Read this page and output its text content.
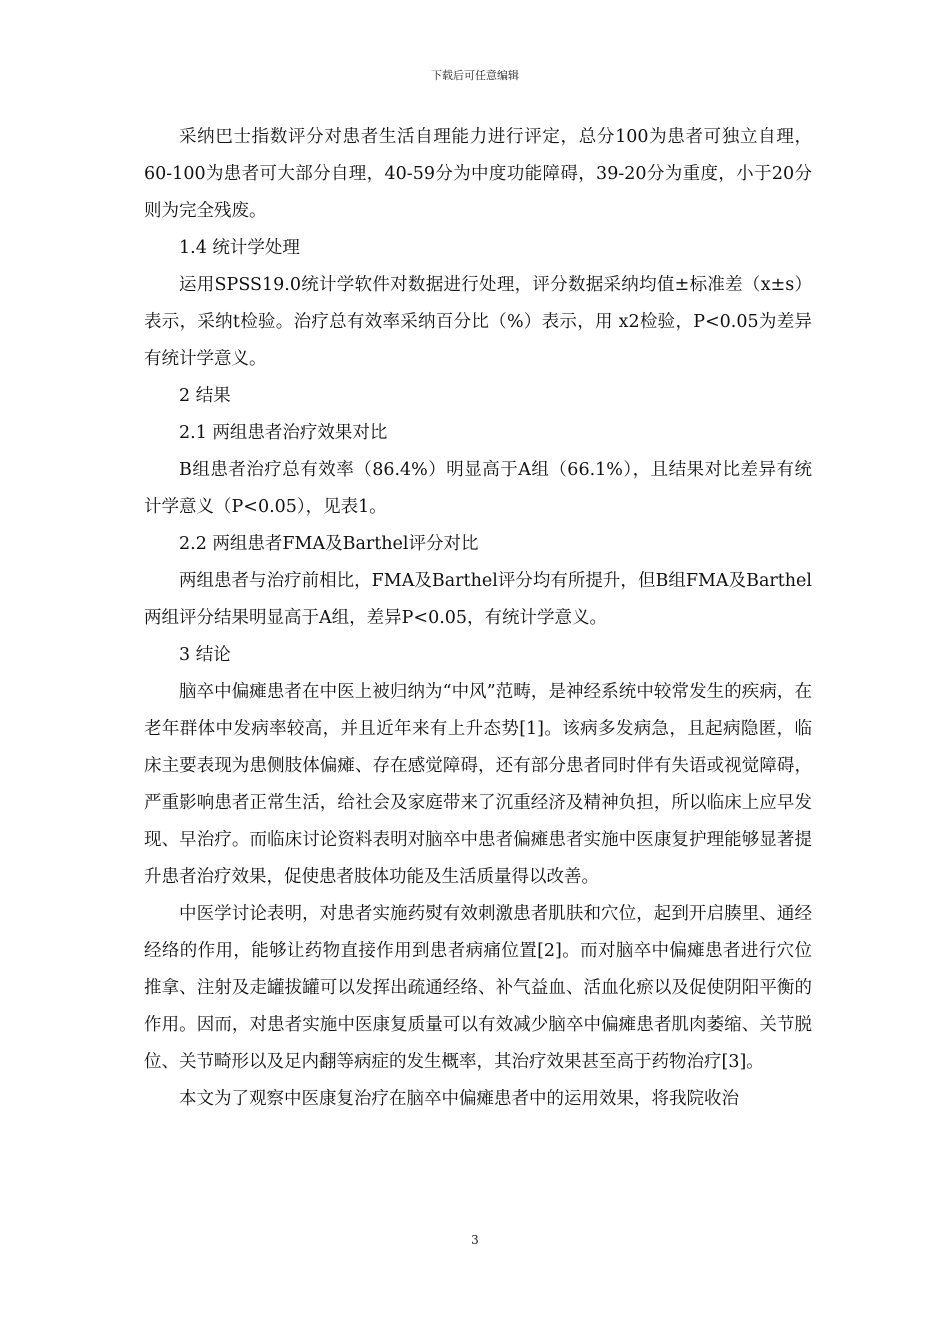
下载后可任意编辑

采纳巴士指数评分对患者生活自理能力进行评定，总分100为患者可独立自理，60-100为患者可大部分自理，40-59分为中度功能障碍，39-20分为重度，小于20分则为完全残废。

1.4 统计学处理

运用SPSS19.0统计学软件对数据进行处理，评分数据采纳均值±标准差（x±s）表示，采纳t检验。治疗总有效率采纳百分比（%）表示，用 x2检验，P<0.05为差异有统计学意义。

2 结果

2.1 两组患者治疗效果对比

B组患者治疗总有效率（86.4%）明显高于A组（66.1%），且结果对比差异有统计学意义（P<0.05），见表1。

2.2 两组患者FMA及Barthel评分对比

两组患者与治疗前相比，FMA及Barthel评分均有所提升，但B组FMA及Barthel两组评分结果明显高于A组，差异P<0.05，有统计学意义。

3 结论

脑卒中偏瘫患者在中医上被归纳为“中风”范畴，是神经系统中较常发生的疾病，在老年群体中发病率较高，并且近年来有上升态势[1]。该病多发病急，且起病隐匿，临床主要表现为患侧肢体偏瘫、存在感觉障碍，还有部分患者同时伴有失语或视觉障碍，严重影响患者正常生活，给社会及家庭带来了沉重经济及精神负担，所以临床上应早发现、早治疗。而临床讨论资料表明对脑卒中患者偏瘫患者实施中医康复护理能够显著提升患者治疗效果，促使患者肢体功能及生活质量得以改善。

中医学讨论表明，对患者实施药熨有效刺激患者肌肤和穴位，起到开启腠里、通经经络的作用，能够让药物直接作用到患者病痛位置[2]。而对脑卒中偏瘫患者进行穴位推拿、注射及走罐拔罐可以发挥出疏通经络、补气益血、活血化瘀以及促使阴阳平衡的作用。因而，对患者实施中医康复质量可以有效减少脑卒中偏瘫患者肌肉萎缩、关节脱位、关节畸形以及足内翻等病症的发生概率，其治疗效果甚至高于药物治疗[3]。

本文为了观察中医康复治疗在脑卒中偏瘫患者中的运用效果，将我院收治

3
